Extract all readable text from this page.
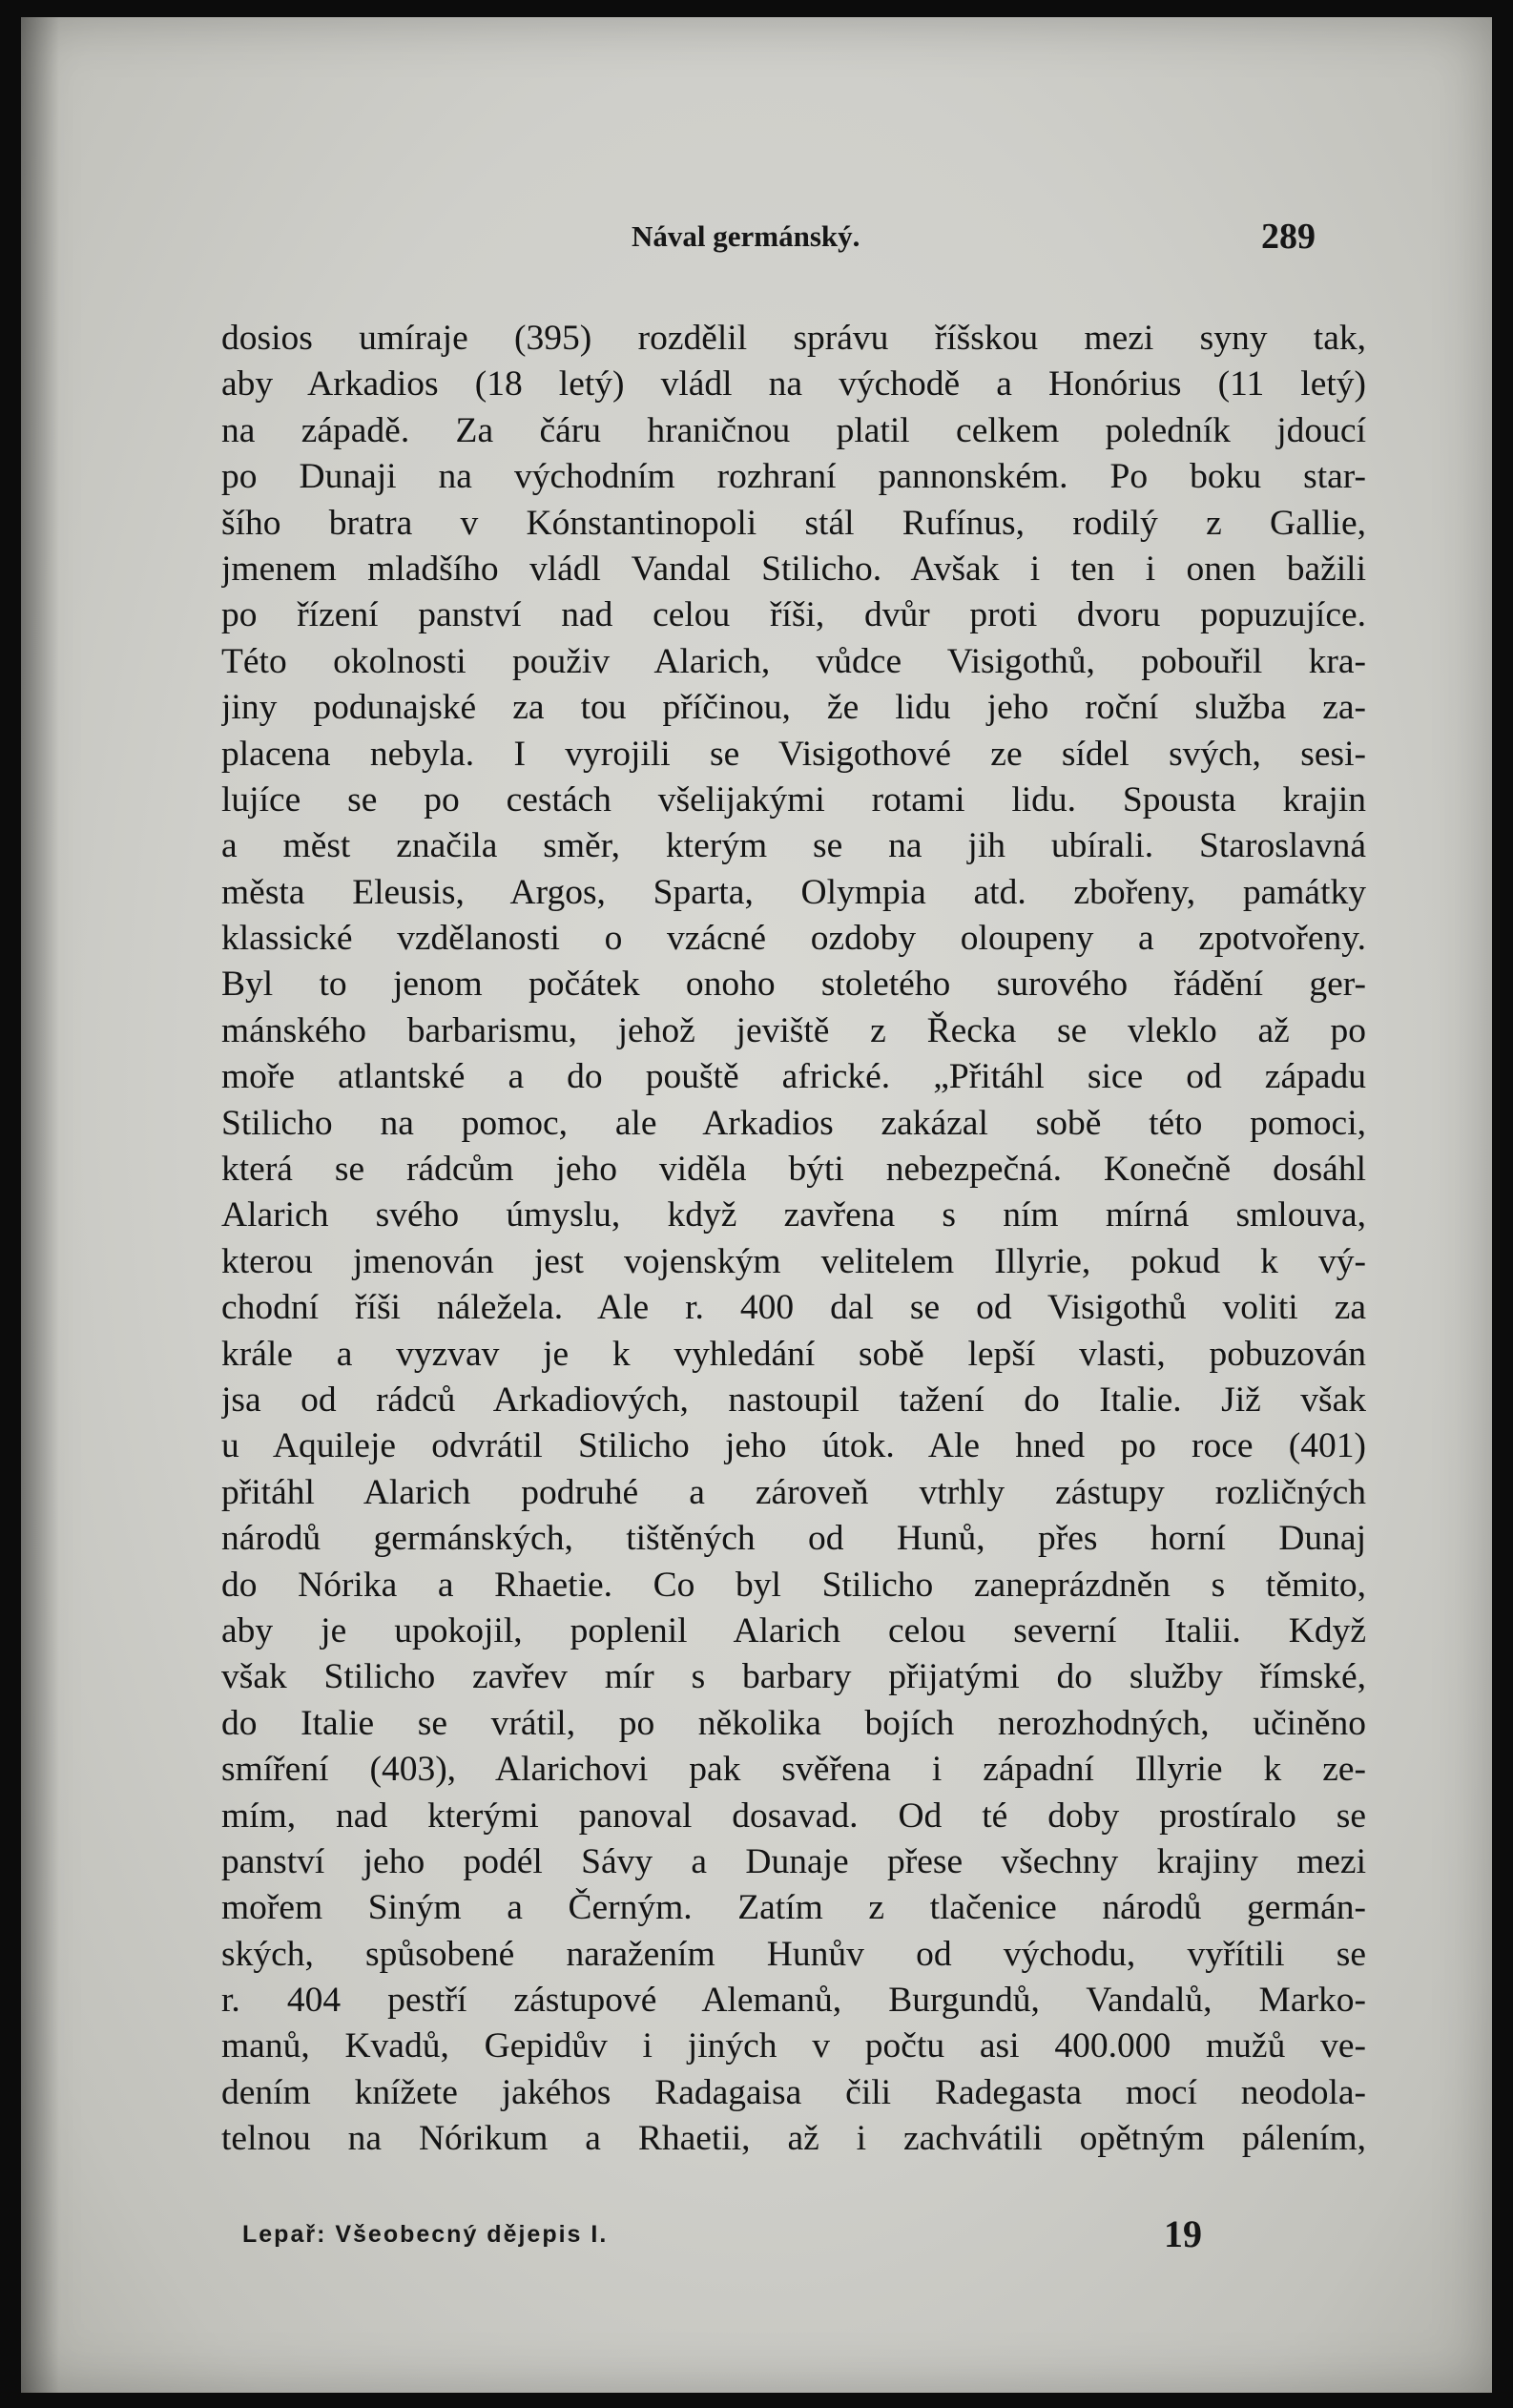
Nával germánský.	289
dosios umíraje (395) rozdělil správu říšskou mezi syny tak,
aby Arkadios (18 letý) vládl na východě a Honórius (11 letý)
na západě. Za čáru hraničnou platil celkem poledník jdoucí
po Dunaji na východním rozhraní pannonském. Po boku star-
šího bratra v Kónstantinopoli stál Rufínus, rodilý z Gallie,
jmenem mladšího vládl Vandal Stilicho. Avšak i ten i onen bažili
po řízení panství nad celou říši, dvůr proti dvoru popuzujíce.
Této okolnosti použiv Alarich, vůdce Visigothů, pobouřil kra-
jiny podunajské za tou příčinou, že lidu jeho roční služba za-
placena nebyla. I vyrojili se Visigothové ze sídel svých, sesi-
lujíce se po cestách všelijakými rotami lidu. Spousta krajin
a měst značila směr, kterým se na jih ubírali. Staroslavná
města Eleusis, Argos, Sparta, Olympia atd. zbořeny, památky
klassické vzdělanosti o vzácné ozdoby oloupeny a zpotvořeny.
Byl to jenom počátek onoho stoletého surového řádění ger-
mánského barbarismu, jehož jeviště z Řecka se vleklo až po
moře atlantské a do pouště africké. „Přitáhl sice od západu
Stilicho na pomoc, ale Arkadios zakázal sobě této pomoci,
která se rádcům jeho viděla býti nebezpečná. Konečně dosáhl
Alarich svého úmyslu, když zavřena s ním mírná smlouva,
kterou jmenován jest vojenským velitelem Illyrie, pokud k vý-
chodní říši náležela. Ale r. 400 dal se od Visigothů voliti za
krále a vyzvav je k vyhledání sobě lepší vlasti, pobuzován
jsa od rádců Arkadiových, nastoupil tažení do Italie. Již však
u Aquileje odvrátil Stilicho jeho útok. Ale hned po roce (401)
přitáhl Alarich podruhé a zároveň vtrhly zástupy rozličných
národů germánských, tištěných od Hunů, přes horní Dunaj
do Nórika a Rhaetie. Co byl Stilicho zaneprázdněn s těmito,
aby je upokojil, poplenil Alarich celou severní Italii. Když
však Stilicho zavřev mír s barbary přijatými do služby římské,
do Italie se vrátil, po několika bojích nerozhodných, učiněno
smíření (403), Alarichovi pak svěřena i západní Illyrie k ze-
mím, nad kterými panoval dosavad. Od té doby prostíralo se
panství jeho podél Sávy a Dunaje přese všechny krajiny mezi
mořem Siným a Černým. Zatím z tlačenice národů germán-
ských, spůsobené naražením Hunův od východu, vyřítili se
r. 404 pestří zástupové Alemanů, Burgundů, Vandalů, Marko-
manů, Kvadů, Gepidův i jiných v počtu asi 400.000 mužů ve-
dením knížete jakéhos Radagaisa čili Radegasta mocí neodola-
telnou na Nórikum a Rhaetii, až i zachvátili opětným pálením,
Lepař: Všeobecný dějepis I.	19
